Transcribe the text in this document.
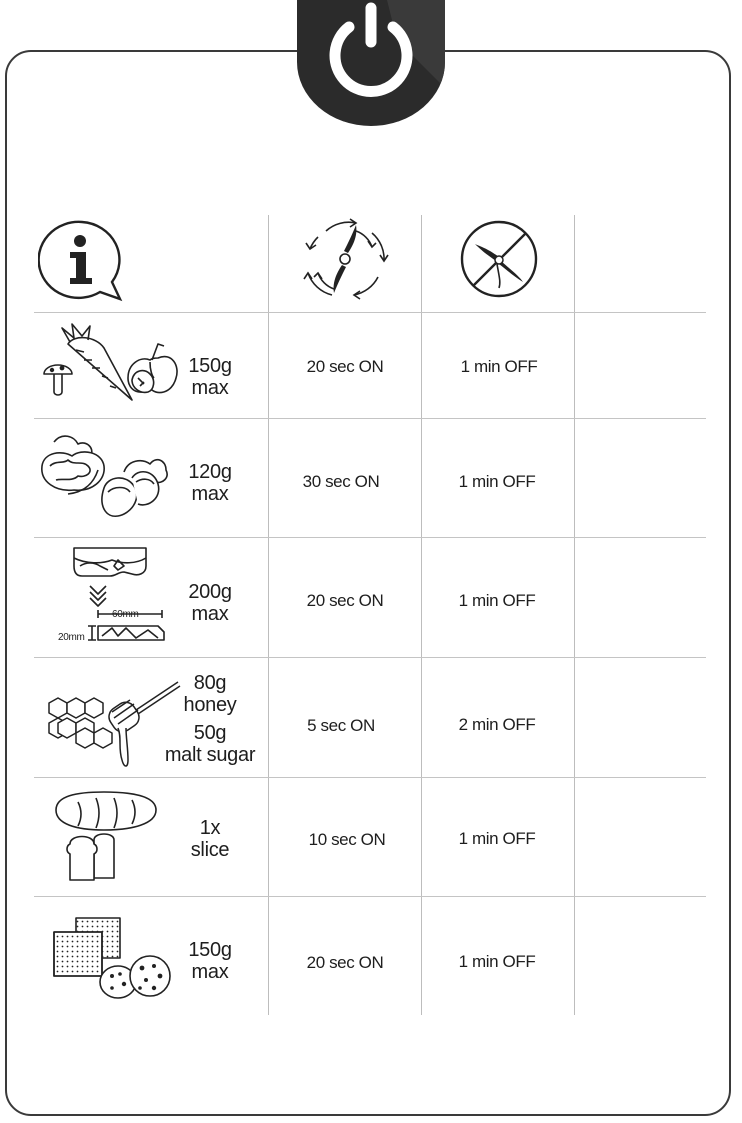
150g
max
20 sec ON	1 min OFF
120g
max
30 sec ON	1 min OFF
60mm
20mm
200g
max
20 sec ON	1 min OFF
80g
honey
50g
malt sugar
5 sec ON	2 min OFF
1x
slice	10 sec ON	1 min OFF
150g
max	20 sec ON	1 min OFF
